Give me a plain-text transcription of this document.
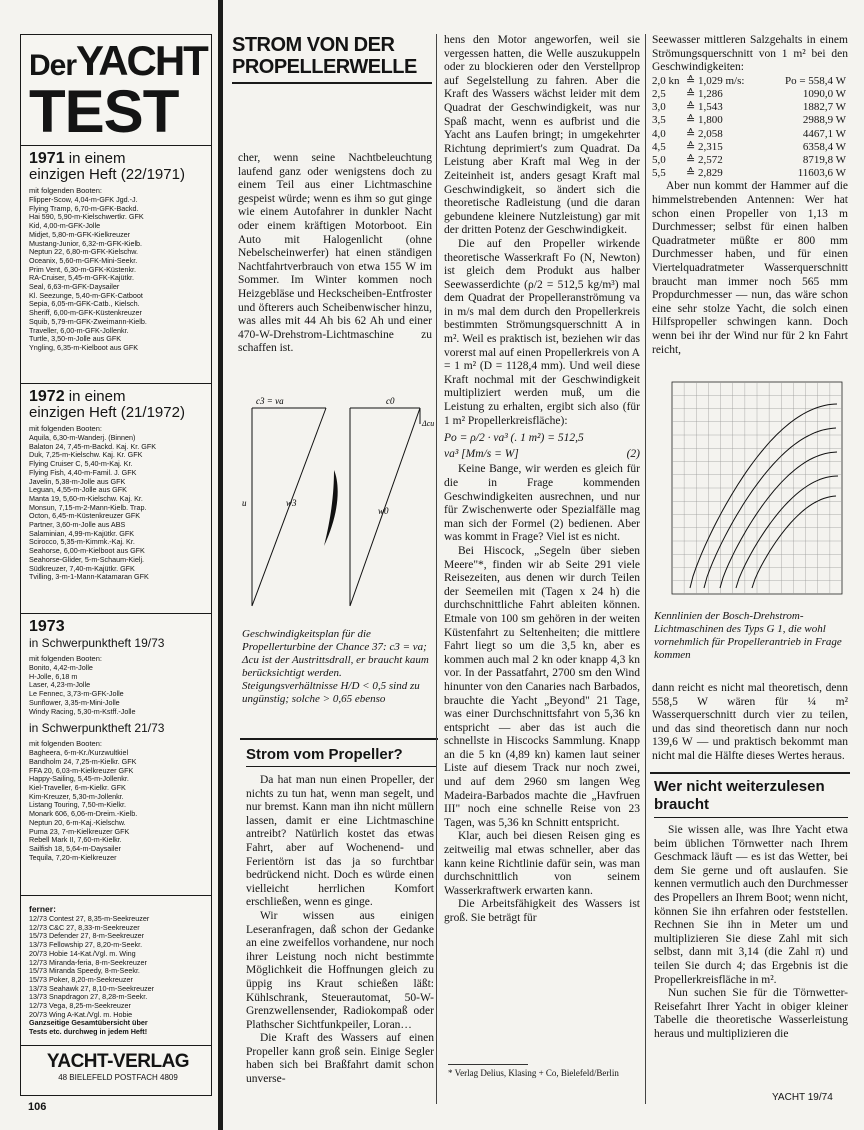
DerYACHT
TEST
1971 in einem
einzigen Heft (22/1971)
mit folgenden Booten:
Flipper-Scow, 4,04-m-GFK Jgd.-J.
Flying Tramp, 6,70-m-GFK-Backd.
Hai 590, 5,90-m-Kielschwertkr. GFK
Kid, 4,00-m-GFK-Jolle
Midjet, 5,80-m-GFK-Kielkreuzer
Mustang-Junior, 6,32-m-GFK-Kielb.
Neptun 22, 6,80-m-GFK-Kielschw.
Oceanix, 5,60-m-GFK-Mini-Seekr.
Prim Vent, 6,30-m-GFK-Küstenkr.
RA-Cruiser, 5,45-m-GFK-Kajütkr.
Seal, 6,63-m-GFK-Daysailer
Kl. Seezunge, 5,40-m-GFK-Catboot
Sepia, 6,05-m-GFK-Catb., Kielsch.
Sheriff, 6,00-m-GFK-Küstenkreuzer
Squib, 5,79-m-GFK-Zweimann-Kielb.
Traveller, 6,00-m-GFK-Jollenkr.
Turtle, 3,50-m-Jolle aus GFK
Yngling, 6,35-m-Kielboot aus GFK
1972 in einem
einzigen Heft (21/1972)
mit folgenden Booten:
Aquila, 6,30-m-Wanderj. (Binnen)
Balaton 24, 7,45-m-Backd. Kaj. Kr. GFK
Duk, 7,25-m-Kielschw. Kaj. Kr. GFK
Flying Cruiser C, 5,40-m-Kaj. Kr.
Flying Fish, 4,40-m-Famil. J. GFK
Javelin, 5,38-m-Jolle aus GFK
Leguan, 4,55-m-Jolle aus GFK
Manta 19, 5,60-m-Kielschw. Kaj. Kr.
Monsun, 7,15-m-2-Mann-Kielb. Trap.
Octon, 6,45-m-Küstenkreuzer GFK
Partner, 3,60-m-Jolle aus ABS
Salaminian, 4,99-m-Kajütkr. GFK
Scirocco, 5,35-m-Kimmk.-Kaj. Kr.
Seahorse, 6,00-m-Kielboot aus GFK
Seahorse-Glider, 5-m-Schaum-Kielj.
Südkreuzer, 7,40-m-Kajütkr. GFK
Tvilling, 3-m-1-Mann-Katamaran GFK
1973
in Schwerpunktheft 19/73
mit folgenden Booten:
Bonito, 4,42-m-Jolle
H-Jolle, 6,18 m
Laser, 4,23-m-Jolle
Le Fennec, 3,73-m-GFK-Jolle
Sunflower, 3,35-m-Mini-Jolle
Windy Racing, 5,30-m-Kstff.-Jolle
in Schwerpunktheft 21/73
mit folgenden Booten:
Bagheera, 6-m-Kr./Kurzwultkiel
Bandholm 24, 7,25-m-Kielkr. GFK
FFA 20, 6,03-m-Kielkreuzer GFK
Happy-Sailing, 5,45-m-Jollenkr.
Kiel-Traveller, 6-m-Kielkr. GFK
Kim-Kreuzer, 5,30-m-Jollenkr.
Listang Touring, 7,50-m-Kielkr.
Monark 606, 6,06-m-Dreim.-Kielb.
Neptun 20, 6-m-Kaj.-Kielschw.
Puma 23, 7-m-Kielkreuzer GFK
Rebell Mark II, 7,60-m-Kielkr.
Sailfish 18, 5,64-m-Daysailer
Tequila, 7,20-m-Kielkreuzer
ferner:
12/73 Contest 27, 8,35-m-Seekreuzer
12/73 C&C 27, 8,33-m-Seekreuzer
15/73 Defender 27, 8-m-Seekreuzer
13/73 Fellowship 27, 8,20-m-Seekr.
20/73 Hobie 14-Kat./Vgl. m. Wing
12/73 Miranda-feria, 8-m-Seekreuzer
15/73 Miranda Speedy, 8-m-Seekr.
15/73 Poker, 8,20-m-Seekreuzer
13/73 Seahawk 27, 8,10-m-Seekreuzer
13/73 Snapdragon 27, 8,28-m-Seekr.
12/73 Vega, 8,25-m-Seekreuzer
20/73 Wing A-Kat./Vgl. m. Hobie
Ganzseitige Gesamtübersicht über
Tests etc. durchweg in jedem Heft!
YACHT-VERLAG
48 BIELEFELD POSTFACH 4809
106
STROM VON DER
PROPELLERWELLE

cher, wenn seine Nachtbeleuchtung laufend ganz oder wenigstens doch zu einem Teil aus einer Lichtmaschine gespeist würde; wenn es ihm so gut ginge wie einem Autofahrer in dunkler Nacht oder einem kräftigen Motorboot. Ein Auto mit Halogenlicht (ohne Nebelscheinwerfer) hat einen ständigen Nachtfahrtverbrauch von etwa 155 W im Sommer. Im Winter kommen noch Heizgebläse und Heckscheiben-Entfroster und öfterers auch Scheibenwischer hinzu, was alles mit 44 Ah bis 62 Ah und einer 470-W-Drehstrom-Lichtmaschine zu schaffen ist.

c3 = va
u	w3
w0
c0
Δcu
Geschwindigkeitsplan für die Propellerturbine der Chance 37: c3 = va; Δcu ist der Austrittsdrall, er braucht kaum berücksichtigt werden. Steigungsverhältnisse H/D < 0,5 sind zu ungünstig; solche > 0,65 ebenso
Strom vom Propeller?

Da hat man nun einen Propeller, der nichts zu tun hat, wenn man segelt, und nur bremst. Kann man ihn nicht müllern lassen, damit er eine Lichtmaschine antreibt? Natürlich kostet das etwas Fahrt, aber auf Wochenend- und Ferientörn ist das ja so furchtbar bedrückend nicht. Doch es würde einen vielleicht herrlichen Komfort erschließen, wenn es ginge.

Wir wissen aus einigen Leseranfragen, daß schon der Gedanke an eine zweifellos vorhandene, nur noch ihrer Leistung noch nicht bestimmte Möglichkeit die Hoffnungen gleich zu üppig ins Kraut schießen läßt: Kühlschrank, Steuerautomat, 50-W-Grenzwellensender, Radiokompaß oder Plathscher Sichtfunkpeiler, Loran…

Die Kraft des Wassers auf einen Propeller kann groß sein. Einige Segler haben sich bei Braßfahrt damit schon unverse-

hens den Motor angeworfen, weil sie vergessen hatten, die Welle auszukuppeln oder zu blockieren oder den Verstellprop auf Segelstellung zu fahren. Aber die Kraft des Wassers wächst leider mit dem Quadrat der Geschwindigkeit, was nur Spaß macht, wenn es aufbrist und die Yacht ans Laufen bringt; in umgekehrter Richtung deprimiert's zum Quadrat. Da Leistung aber Kraft mal Weg in der Zeiteinheit ist, anders gesagt Kraft mal Geschwindigkeit, so ändert sich die theoretische Radleistung (und die daran gebundene kleinere Nutzleistung) gar mit der dritten Potenz der Geschwindigkeit.

Die auf den Propeller wirkende theoretische Wasserkraft Fo (N, Newton) ist gleich dem Produkt aus halber Seewasserdichte (ρ/2 = 512,5 kg/m³) mal dem Quadrat der Propelleranströmung va in m/s mal dem durch den Propellerkreis bestimmten Strömungsquerschnitt A in m². Weil es praktisch ist, beziehen wir das vorerst mal auf einen Propellerkreis von A = 1 m² (D = 1128,4 mm). Und weil diese Kraft nochmal mit der Geschwindigkeit multipliziert werden muß, um die Leistung zu erhalten, ergibt sich also (für 1 m² Propellerkreisfläche):

Po = ρ/2 · va³ (. 1 m²) = 512,5
va³ [Mm/s = W]	(2)

Keine Bange, wir werden es gleich für die in Frage kommenden Geschwindigkeiten ausrechnen, und nur für Zwischenwerte oder Spezialfälle mag man sich der Formel (2) bedienen. Aber was kommt in Frage? Viel ist es nicht.

Bei Hiscock, „Segeln über sieben Meere"*, finden wir ab Seite 291 viele Reisezeiten, aus denen wir durch Teilen der Seemeilen mit (Tagen x 24 h) die durchschnittliche Fahrt ableiten können. Etmale von 100 sm gehören in der weiten Küstenfahrt zu Seltenheiten; die mittlere Fahrt liegt so um die 3,5 kn, aber es kommen auch mal 2 kn oder knapp 4,3 kn vor. In der Passatfahrt, 2700 sm den Wind hinunter von den Canaries nach Barbados, brauchte die Yacht „Beyond" 21 Tage, was einer Durchschnittsfahrt von 5,36 kn entspricht — aber das ist auch die schnellste in Hiscocks Sammlung. Knapp an die 5 kn (4,89 kn) kamen laut seiner Liste auf diesem Track nur noch zwei, und auf dem 2960 sm langen Weg Madeira-Barbados machte die „Havfruen III" noch eine schnelle Reise von 23 Tagen, was 5,36 kn Schnitt entspricht.

Klar, auch bei diesen Reisen ging es zeitweilig mal etwas schneller, aber das kann keine Richtlinie dafür sein, was man durchschnittlich von seinem Wasserkraftwerk erwarten kann.

Die Arbeitsfähigkeit des Wassers ist groß. Sie beträgt für

* Verlag Delius, Klasing + Co, Bielefeld/Berlin

Seewasser mittleren Salzgehalts in einem Strömungsquerschnitt von 1 m² bei den Geschwindigkeiten:

2,0 kn ≙ 1,029 m/s:	Po = 558,4 W
2,5	≙ 1,286	1090,0 W
3,0	≙ 1,543	1882,7 W
3,5	≙ 1,800	2988,9 W
4,0	≙ 2,058	4467,1 W
4,5	≙ 2,315	6358,4 W
5,0	≙ 2,572	8719,8 W
5,5	≙ 2,829	11603,6 W

Aber nun kommt der Hammer auf die himmelstrebenden Antennen: Wer hat schon einen Propeller von 1,13 m Durchmesser; selbst für einen halben Quadratmeter müßte er 800 mm Durchmesser haben, und für einen Viertelquadratmeter Wasserquerschnitt braucht man immer noch 565 mm Propdurchmesser — nun, das wäre schon eine sehr stolze Yacht, die solch einen Hilfspropeller schwingen kann. Doch wenn bei ihr der Wind nur für 2 kn Fahrt reicht,

Kennlinien der Bosch-Drehstrom-Lichtmaschinen des Typs G 1, die wohl vornehmlich für Propellerantrieb in Frage kommen

dann reicht es nicht mal theoretisch, denn 558,5 W wären für ¼ m² Wasserquerschnitt durch vier zu teilen, und das sind theoretisch dann nur noch 139,6 W — und praktisch bekommt man nicht mal die Hälfte dieses Wertes heraus.

Wer nicht weiterzulesen braucht

Sie wissen alle, was Ihre Yacht etwa beim üblichen Törnwetter nach Ihrem Geschmack läuft — es ist das Wetter, bei dem Sie gerne und oft auslaufen. Sie kennen vermutlich auch den Durchmesser des Propellers an Ihrem Boot; wenn nicht, können Sie ihn erfahren oder feststellen. Rechnen Sie ihn in Meter um und multiplizieren Sie diese Zahl mit sich selbst, dann mit 3,14 (die Zahl π) und teilen Sie durch 4; das Ergebnis ist die Propellerkreisfläche in m².

Nun suchen Sie für die Törnwetter-Reisefahrt Ihrer Yacht in obiger kleiner Tabelle die theoretische Wasserleistung heraus und multiplizieren die

YACHT 19/74
